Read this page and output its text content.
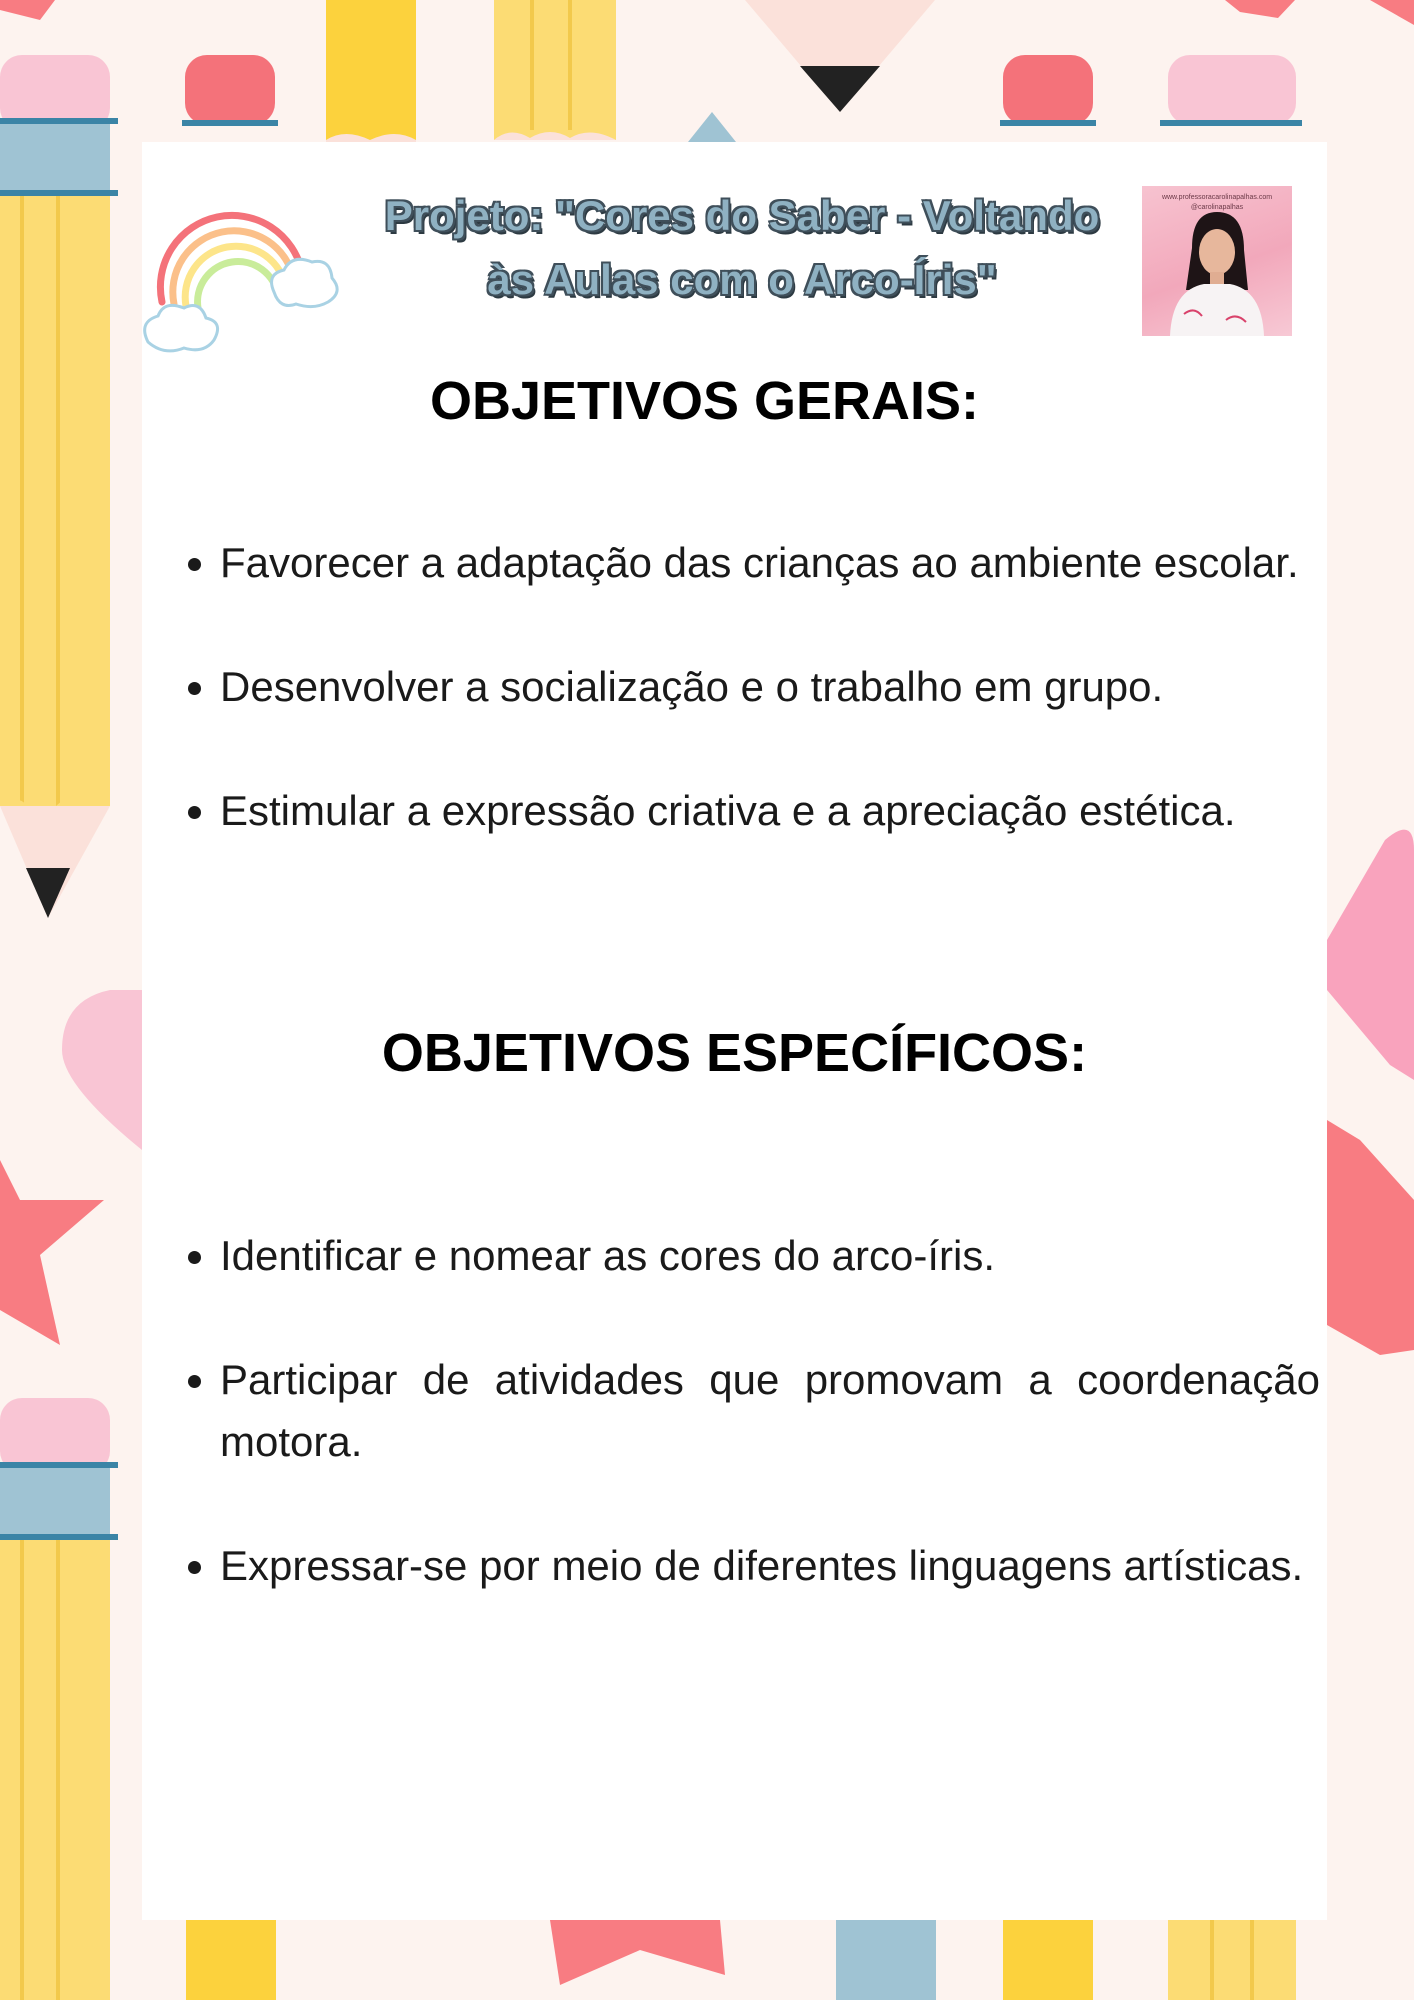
Projeto: "Cores do Saber - Voltando
às Aulas com o Arco-Íris"
www.professoracarolinapalhas.com
@carolinapalhas
OBJETIVOS GERAIS:
• Favorecer a adaptação das crianças ao ambiente escolar.
• Desenvolver a socialização e o trabalho em grupo.
• Estimular a expressão criativa e a apreciação estética.
OBJETIVOS ESPECÍFICOS:
• Identificar e nomear as cores do arco-íris.
• Participar de atividades que promovam a coordenação motora.
• Expressar-se por meio de diferentes linguagens artísticas.
